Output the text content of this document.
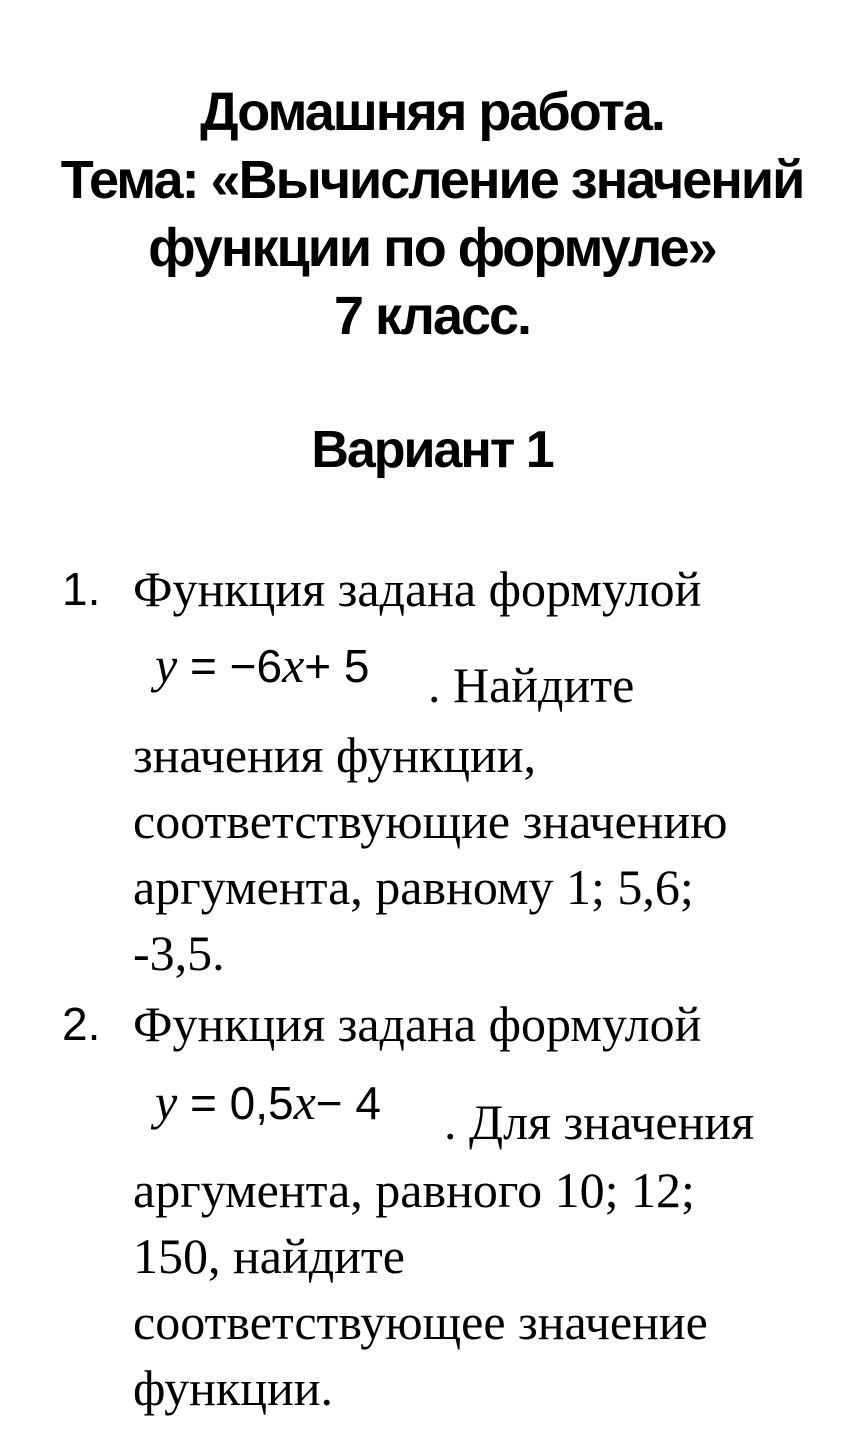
Домашняя работа.
Тема: «Вычисление значений
функции по формуле»
7 класс.
Вариант 1
1. Функция задана формулой
y = −6x+ 5 . Найдите
значения функции,
соответствующие значению
аргумента, равному 1; 5,6;
-3,5.
2. Функция задана формулой
y = 0,5x− 4 . Для значения
аргумента, равного 10; 12;
150, найдите
соответствующее значение
функции.
